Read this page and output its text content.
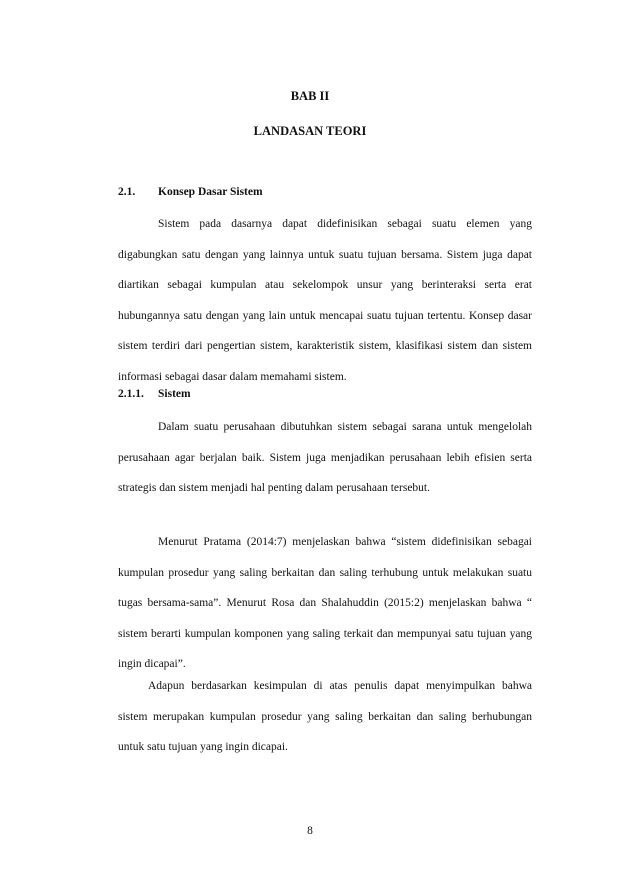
BAB II
LANDASAN TEORI
2.1.	Konsep Dasar Sistem

Sistem pada dasarnya dapat didefinisikan sebagai suatu elemen yang digabungkan satu dengan yang lainnya untuk suatu tujuan bersama. Sistem juga dapat diartikan sebagai kumpulan atau sekelompok unsur yang berinteraksi serta erat hubungannya satu dengan yang lain untuk mencapai suatu tujuan tertentu. Konsep dasar sistem terdiri dari pengertian sistem, karakteristik sistem, klasifikasi sistem dan sistem informasi sebagai dasar dalam memahami sistem.

2.1.1.	Sistem

Dalam suatu perusahaan dibutuhkan sistem sebagai sarana untuk mengelolah perusahaan agar berjalan baik. Sistem juga menjadikan perusahaan lebih efisien serta strategis dan sistem menjadi hal penting dalam perusahaan tersebut.

Menurut Pratama (2014:7) menjelaskan bahwa “sistem didefinisikan sebagai kumpulan prosedur yang saling berkaitan dan saling terhubung untuk melakukan suatu tugas bersama-sama”. Menurut Rosa dan Shalahuddin (2015:2) menjelaskan bahwa “ sistem berarti kumpulan komponen yang saling terkait dan mempunyai satu tujuan yang ingin dicapai”.

Adapun berdasarkan kesimpulan di atas penulis dapat menyimpulkan bahwa sistem merupakan kumpulan prosedur yang saling berkaitan dan saling berhubungan untuk satu tujuan yang ingin dicapai.

8
